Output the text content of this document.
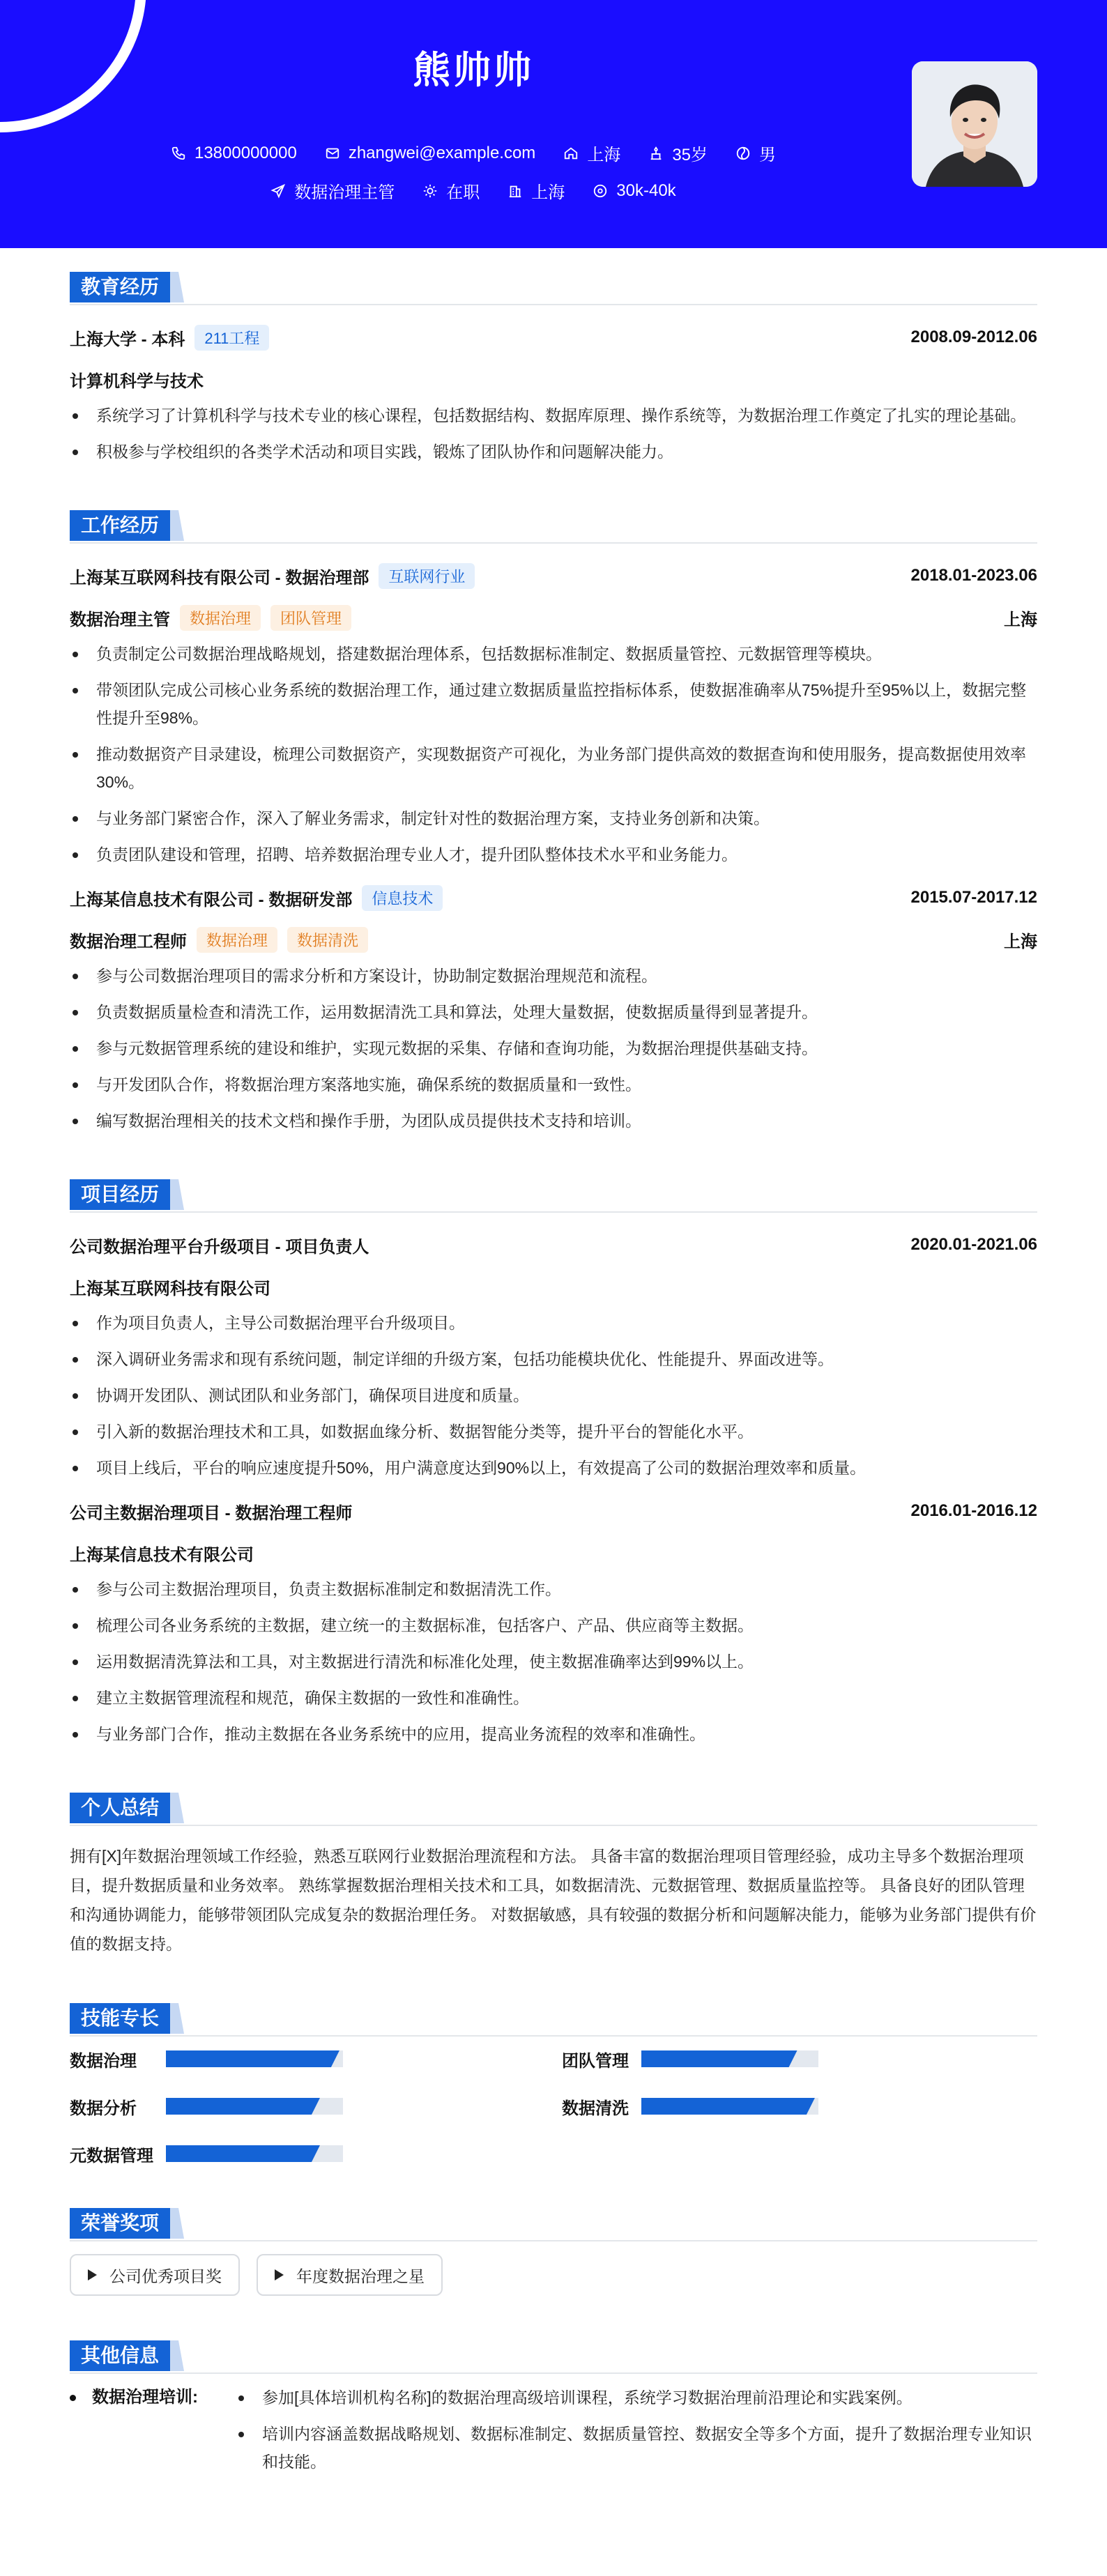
熊帅帅
13800000000	zhangwei@example.com	上海	35岁	男
数据治理主管	在职	上海	30k-40k
教育经历
上海大学 - 本科	211工程	2008.09-2012.06
计算机科学与技术
系统学习了计算机科学与技术专业的核心课程，包括数据结构、数据库原理、操作系统等，为数据治理工作奠定了扎实的理论基础。
积极参与学校组织的各类学术活动和项目实践，锻炼了团队协作和问题解决能力。
工作经历
上海某互联网科技有限公司 - 数据治理部	互联网行业	2018.01-2023.06
数据治理主管	数据治理	团队管理	上海
负责制定公司数据治理战略规划，搭建数据治理体系，包括数据标准制定、数据质量管控、元数据管理等模块。
带领团队完成公司核心业务系统的数据治理工作，通过建立数据质量监控指标体系，使数据准确率从75%提升至95%以上，数据完整性提升至98%。
推动数据资产目录建设，梳理公司数据资产，实现数据资产可视化，为业务部门提供高效的数据查询和使用服务，提高数据使用效率30%。
与业务部门紧密合作，深入了解业务需求，制定针对性的数据治理方案，支持业务创新和决策。
负责团队建设和管理，招聘、培养数据治理专业人才，提升团队整体技术水平和业务能力。
上海某信息技术有限公司 - 数据研发部	信息技术	2015.07-2017.12
数据治理工程师	数据治理	数据清洗	上海
参与公司数据治理项目的需求分析和方案设计，协助制定数据治理规范和流程。
负责数据质量检查和清洗工作，运用数据清洗工具和算法，处理大量数据，使数据质量得到显著提升。
参与元数据管理系统的建设和维护，实现元数据的采集、存储和查询功能，为数据治理提供基础支持。
与开发团队合作，将数据治理方案落地实施，确保系统的数据质量和一致性。
编写数据治理相关的技术文档和操作手册，为团队成员提供技术支持和培训。
项目经历
公司数据治理平台升级项目 - 项目负责人	2020.01-2021.06
上海某互联网科技有限公司
作为项目负责人，主导公司数据治理平台升级项目。
深入调研业务需求和现有系统问题，制定详细的升级方案，包括功能模块优化、性能提升、界面改进等。
协调开发团队、测试团队和业务部门，确保项目进度和质量。
引入新的数据治理技术和工具，如数据血缘分析、数据智能分类等，提升平台的智能化水平。
项目上线后，平台的响应速度提升50%，用户满意度达到90%以上，有效提高了公司的数据治理效率和质量。
公司主数据治理项目 - 数据治理工程师	2016.01-2016.12
上海某信息技术有限公司
参与公司主数据治理项目，负责主数据标准制定和数据清洗工作。
梳理公司各业务系统的主数据，建立统一的主数据标准，包括客户、产品、供应商等主数据。
运用数据清洗算法和工具，对主数据进行清洗和标准化处理，使主数据准确率达到99%以上。
建立主数据管理流程和规范，确保主数据的一致性和准确性。
与业务部门合作，推动主数据在各业务系统中的应用，提高业务流程的效率和准确性。
个人总结
拥有[X]年数据治理领域工作经验，熟悉互联网行业数据治理流程和方法。 具备丰富的数据治理项目管理经验，成功主导多个数据治理项目，提升数据质量和业务效率。 熟练掌握数据治理相关技术和工具，如数据清洗、元数据管理、数据质量监控等。 具备良好的团队管理和沟通协调能力，能够带领团队完成复杂的数据治理任务。 对数据敏感，具有较强的数据分析和问题解决能力，能够为业务部门提供有价值的数据支持。
技能专长
数据治理	团队管理
数据分析	数据清洗
元数据管理
荣誉奖项
公司优秀项目奖	年度数据治理之星
其他信息
数据治理培训:	参加[具体培训机构名称]的数据治理高级培训课程，系统学习数据治理前沿理论和实践案例。
培训内容涵盖数据战略规划、数据标准制定、数据质量管控、数据安全等多个方面，提升了数据治理专业知识和技能。
